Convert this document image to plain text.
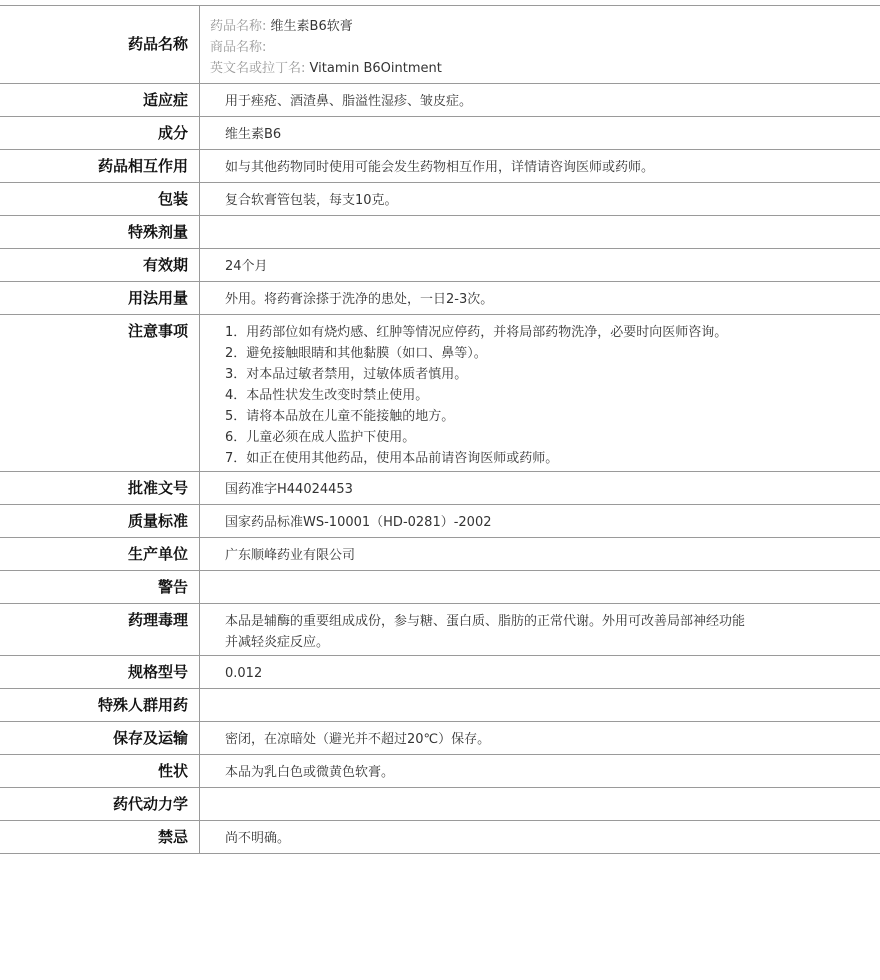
药品名称
药品名称: 维生素B6软膏
商品名称:
英文名或拉丁名: Vitamin B6Ointment
适应症	用于痤疮、酒渣鼻、脂溢性湿疹、皱皮症。
成分	维生素B6
药品相互作用	如与其他药物同时使用可能会发生药物相互作用，详情请咨询医师或药师。
包装	复合软膏管包装，每支10克。
特殊剂量
有效期	24个月
用法用量	外用。将药膏涂搽于洗净的患处，一日2-3次。
注意事项	1．用药部位如有烧灼感、红肿等情况应停药，并将局部药物洗净，必要时向医师咨询。
2．避免接触眼睛和其他黏膜（如口、鼻等）。
3．对本品过敏者禁用，过敏体质者慎用。
4．本品性状发生改变时禁止使用。
5．请将本品放在儿童不能接触的地方。
6．儿童必须在成人监护下使用。
7．如正在使用其他药品，使用本品前请咨询医师或药师。
批准文号	国药准字H44024453
质量标准	国家药品标准WS-10001（HD-0281）-2002
生产单位	广东顺峰药业有限公司
警告
药理毒理	本品是辅酶的重要组成成份，参与糖、蛋白质、脂肪的正常代谢。外用可改善局部神经功能
并减轻炎症反应。
规格型号	0.012
特殊人群用药
保存及运输	密闭，在凉暗处（避光并不超过20℃）保存。
性状	本品为乳白色或微黄色软膏。
药代动力学
禁忌	尚不明确。
